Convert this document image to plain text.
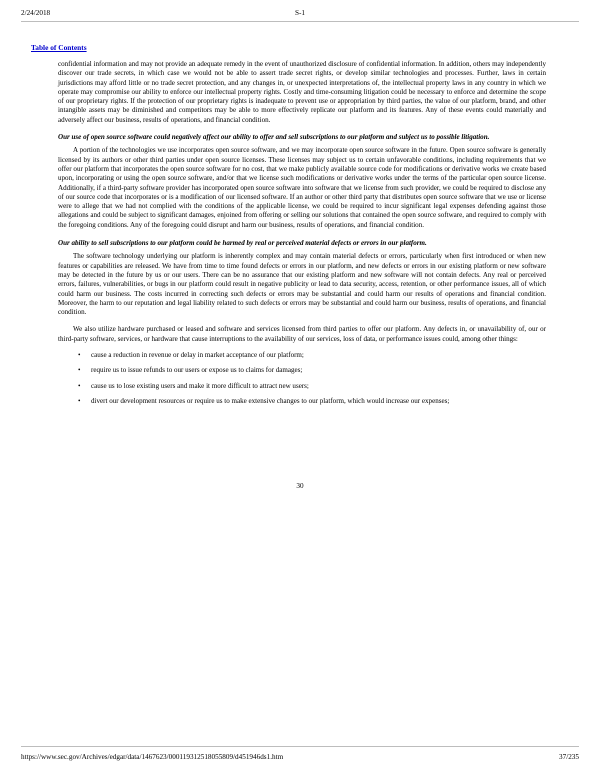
2/24/2018	S-1
Table of Contents

confidential information and may not provide an adequate remedy in the event of unauthorized disclosure of confidential information. In addition, others may independently discover our trade secrets, in which case we would not be able to assert trade secret rights, or develop similar technologies and processes. Further, laws in certain jurisdictions may afford little or no trade secret protection, and any changes in, or unexpected interpretations of, the intellectual property laws in any country in which we operate may compromise our ability to enforce our intellectual property rights. Costly and time-consuming litigation could be necessary to enforce and determine the scope of our proprietary rights. If the protection of our proprietary rights is inadequate to prevent use or appropriation by third parties, the value of our platform, brand, and other intangible assets may be diminished and competitors may be able to more effectively replicate our platform and its features. Any of these events could materially and adversely affect our business, results of operations, and financial condition.

Our use of open source software could negatively affect our ability to offer and sell subscriptions to our platform and subject us to possible litigation.

A portion of the technologies we use incorporates open source software, and we may incorporate open source software in the future. Open source software is generally licensed by its authors or other third parties under open source licenses. These licenses may subject us to certain unfavorable conditions, including requirements that we offer our platform that incorporates the open source software for no cost, that we make publicly available source code for modifications or derivative works we create based upon, incorporating or using the open source software, and/or that we license such modifications or derivative works under the terms of the particular open source license. Additionally, if a third-party software provider has incorporated open source software into software that we license from such provider, we could be required to disclose any of our source code that incorporates or is a modification of our licensed software. If an author or other third party that distributes open source software that we use or license were to allege that we had not complied with the conditions of the applicable license, we could be required to incur significant legal expenses defending against those allegations and could be subject to significant damages, enjoined from offering or selling our solutions that contained the open source software, and required to comply with the foregoing conditions. Any of the foregoing could disrupt and harm our business, results of operations, and financial condition.

Our ability to sell subscriptions to our platform could be harmed by real or perceived material defects or errors in our platform.

The software technology underlying our platform is inherently complex and may contain material defects or errors, particularly when first introduced or when new features or capabilities are released. We have from time to time found defects or errors in our platform, and new defects or errors in our existing platform or new software may be detected in the future by us or our users. There can be no assurance that our existing platform and new software will not contain defects. Any real or perceived errors, failures, vulnerabilities, or bugs in our platform could result in negative publicity or lead to data security, access, retention, or other performance issues, all of which could harm our business. The costs incurred in correcting such defects or errors may be substantial and could harm our results of operations and financial condition. Moreover, the harm to our reputation and legal liability related to such defects or errors may be substantial and could harm our business, results of operations, and financial condition.

We also utilize hardware purchased or leased and software and services licensed from third parties to offer our platform. Any defects in, or unavailability of, our or third-party software, services, or hardware that cause interruptions to the availability of our services, loss of data, or performance issues could, among other things:

• cause a reduction in revenue or delay in market acceptance of our platform;
• require us to issue refunds to our users or expose us to claims for damages;
• cause us to lose existing users and make it more difficult to attract new users;
• divert our development resources or require us to make extensive changes to our platform, which would increase our expenses;
30
https://www.sec.gov/Archives/edgar/data/1467623/000119312518055809/d451946ds1.htm	37/235
